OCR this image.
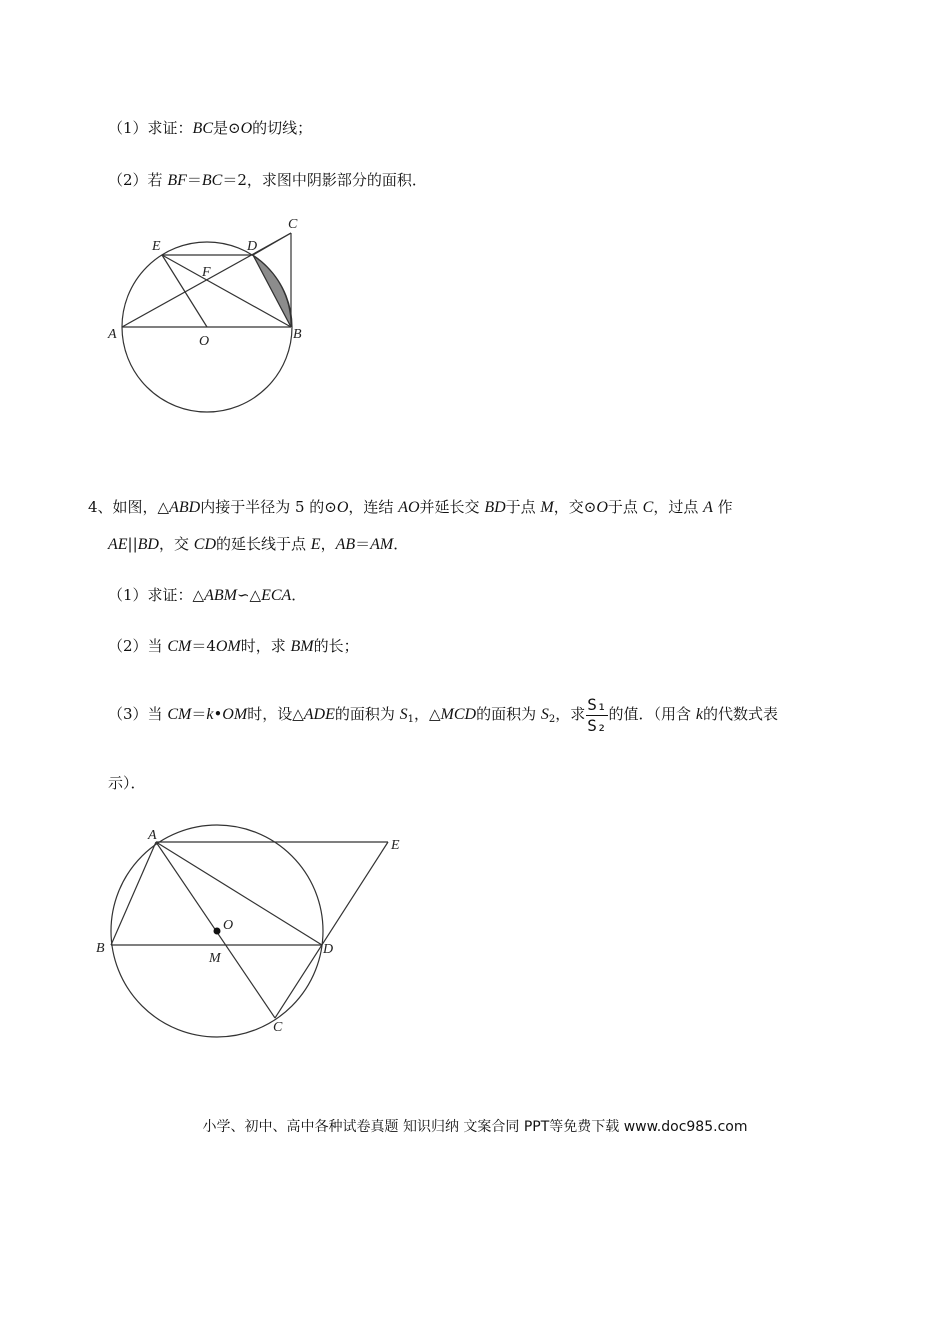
（1）求证：BC是⊙O的切线；
（2）若 BF＝BC＝2，求图中阴影部分的面积．
A	B
C
D
E
F
O
4、如图，△ABD内接于半径为 5 的⊙O，连结 AO并延长交 BD于点 M，交⊙O于点 C，过点 A 作
AE||BD，交 CD的延长线于点 E，AB＝AM．
（1）求证：△ABM∽△ECA．
（2）当 CM＝4OM时，求 BM的长；
（3）当 CM＝k•OM时，设△ADE的面积为 $S_1$，△MCD的面积为 $S_2$，求 $\frac{\text{S₁}}{\text{S₂}}$ 的值．（用含 k的代数式表
示）．
A
B
C
D
E
M
O
小学、初中、高中各种试卷真题 知识归纳 文案合同 PPT等免费下载 www.doc985.com
